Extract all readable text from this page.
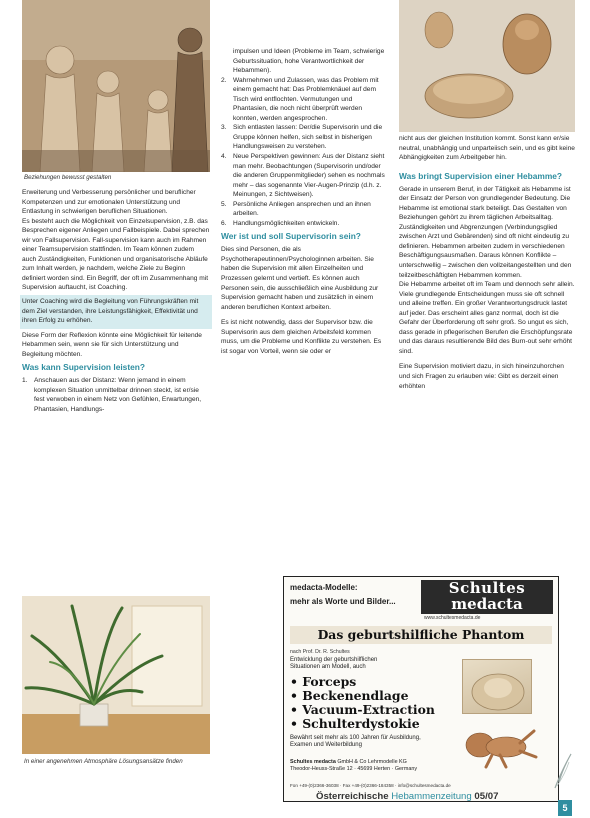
Beziehungen bewusst gestalten
In einer angenehmen Atmosphäre Lösungsansätze finden

Erweiterung und Verbesserung persönlicher und beruflicher Kompetenzen und zur emotionalen Unterstützung und Entlastung in schwierigen beruflichen Situationen.

Es besteht auch die Möglichkeit von Einzelsupervision, z.B. das Besprechen eigener Anliegen und Fallbeispiele. Dabei sprechen wir von Fallsupervision. Fall-supervision kann auch im Rahmen einer Teamsupervision stattfinden. Im Team können zudem auch Zuständigkeiten, Funktionen und organisatorische Abläufe zum Inhalt werden, je nachdem, welche Ziele zu Beginn definiert worden sind. Ein Begriff, der oft im Zusammenhang mit Supervision auftaucht, ist Coaching.

Unter Coaching wird die Begleitung von Führungskräften mit dem Ziel verstanden, ihre Leistungsfähigkeit, Effektivität und ihren Erfolg zu erhöhen.

Diese Form der Reflexion könnte eine Möglichkeit für leitende Hebammen sein, wenn sie für sich Unterstützung und Begleitung möchten.

Was kann Supervision leisten?
1. Anschauen aus der Distanz: Wenn jemand in einem komplexen Situation unmittelbar drinnen steckt, ist er/sie fest verwoben in einem Netz von Gefühlen, Erwartungen, Phantasien, Handlungs-

impulsen und Ideen (Probleme im Team, schwierige Geburtssituation, hohe Verantwortlichkeit der Hebammen).

2. Wahrnehmen und Zulassen, was das Problem mit einem gemacht hat: Das Problemknäuel auf dem Tisch wird entflochten. Vermutungen und Phantasien, die noch nicht überprüft werden konnten, werden angesprochen.
3. Sich entlasten lassen: Der/die Supervisorin und die Gruppe können helfen, sich selbst in bisherigen Handlungsweisen zu verstehen.
4. Neue Perspektiven gewinnen: Aus der Distanz sieht man mehr. Beobachtungen (Supervisorin und/oder die anderen Gruppenmitglieder) sehen es nochmals mehr – das sogenannte Vier-Augen-Prinzip (d.h. z. Meinungen, z Sichtweisen).
5. Persönliche Anliegen ansprechen und an ihnen arbeiten.
6. Handlungsmöglichkeiten entwickeln.
Wer ist und soll Supervisorin sein?

Dies sind Personen, die als Psychotherapeutinnen/Psychologinnen arbeiten. Sie haben die Supervision mit allen Einzelheiten und Prozessen gelernt und vertieft. Es können auch Personen sein, die ausschließlich eine Ausbildung zur Supervision gemacht haben und zusätzlich in einem anderen beruflichen Kontext arbeiten.

Es ist nicht notwendig, dass der Supervisor bzw. die Supervisorin aus dem gleichen Arbeitsfeld kommen muss, um die Probleme und Konflikte zu verstehen. Es ist sogar von Vorteil, wenn sie oder er

nicht aus der gleichen Institution kommt. Sonst kann er/sie neutral, unabhängig und unparteiisch sein, und es gibt keine Abhängigkeiten zum Arbeitgeber hin.

Was bringt Supervision einer Hebamme?

Gerade in unserem Beruf, in der Tätigkeit als Hebamme ist der Einsatz der Person von grundlegender Bedeutung. Die Hebamme ist emotional stark beteiligt. Das Gestalten von Beziehungen gehört zu ihrem täglichen Arbeitsalltag. Zuständigkeiten und Abgrenzungen (Verbindungsglied zwischen Arzt und Gebärenden) sind oft nicht eindeutig zu definieren. Hebammen arbeiten zudem in verschiedenen Beschäftigungsausmaßen. Daraus können Konflikte – unterschwellig – zwischen den vollzeitangestellten und den teilzeitbeschäftigten Hebammen kommen.

Die Hebamme arbeitet oft im Team und dennoch sehr allein. Viele grundlegende Entscheidungen muss sie oft schnell und alleine treffen. Ein großer Verantwortungsdruck lastet auf jeder. Das erscheint alles ganz normal, doch ist die Gefahr der Überforderung oft sehr groß. So ungut es sich, dass gerade in pflegerischen Berufen die Erschöpfungsrate und das daraus resultierende Bild des Burn-out sehr erhöht sind.

Eine Supervision motiviert dazu, in sich hineinzuhorchen und sich Fragen zu erlauben wie: Gibt es derzeit einen erhöhten

medacta-Modelle:
mehr als Worte und Bilder...
Schultes
medacta
www.schultesmedacta.de
Das geburtshilfliche Phantom
nach Prof. Dr. R. Schultes
Entwicklung der geburtshilflichen Situationen am Modell, auch
• Forceps
• Beckenendlage
• Vacuum-Extraction
• Schulterdystokie
Bewährt seit mehr als 100 Jahren für Ausbildung, Examen und Weiterbildung
Schultes medacta GmbH & Co Lehrmodelle KG
Theodor-Heuss-Straße 12 · 45699 Herten · Germany
Fon +49-(0)2366-36038 · Fax +49-(0)2366-184358 · info@schultesmedacta.de
Österreichische Hebammenzeitung 05/07
5
